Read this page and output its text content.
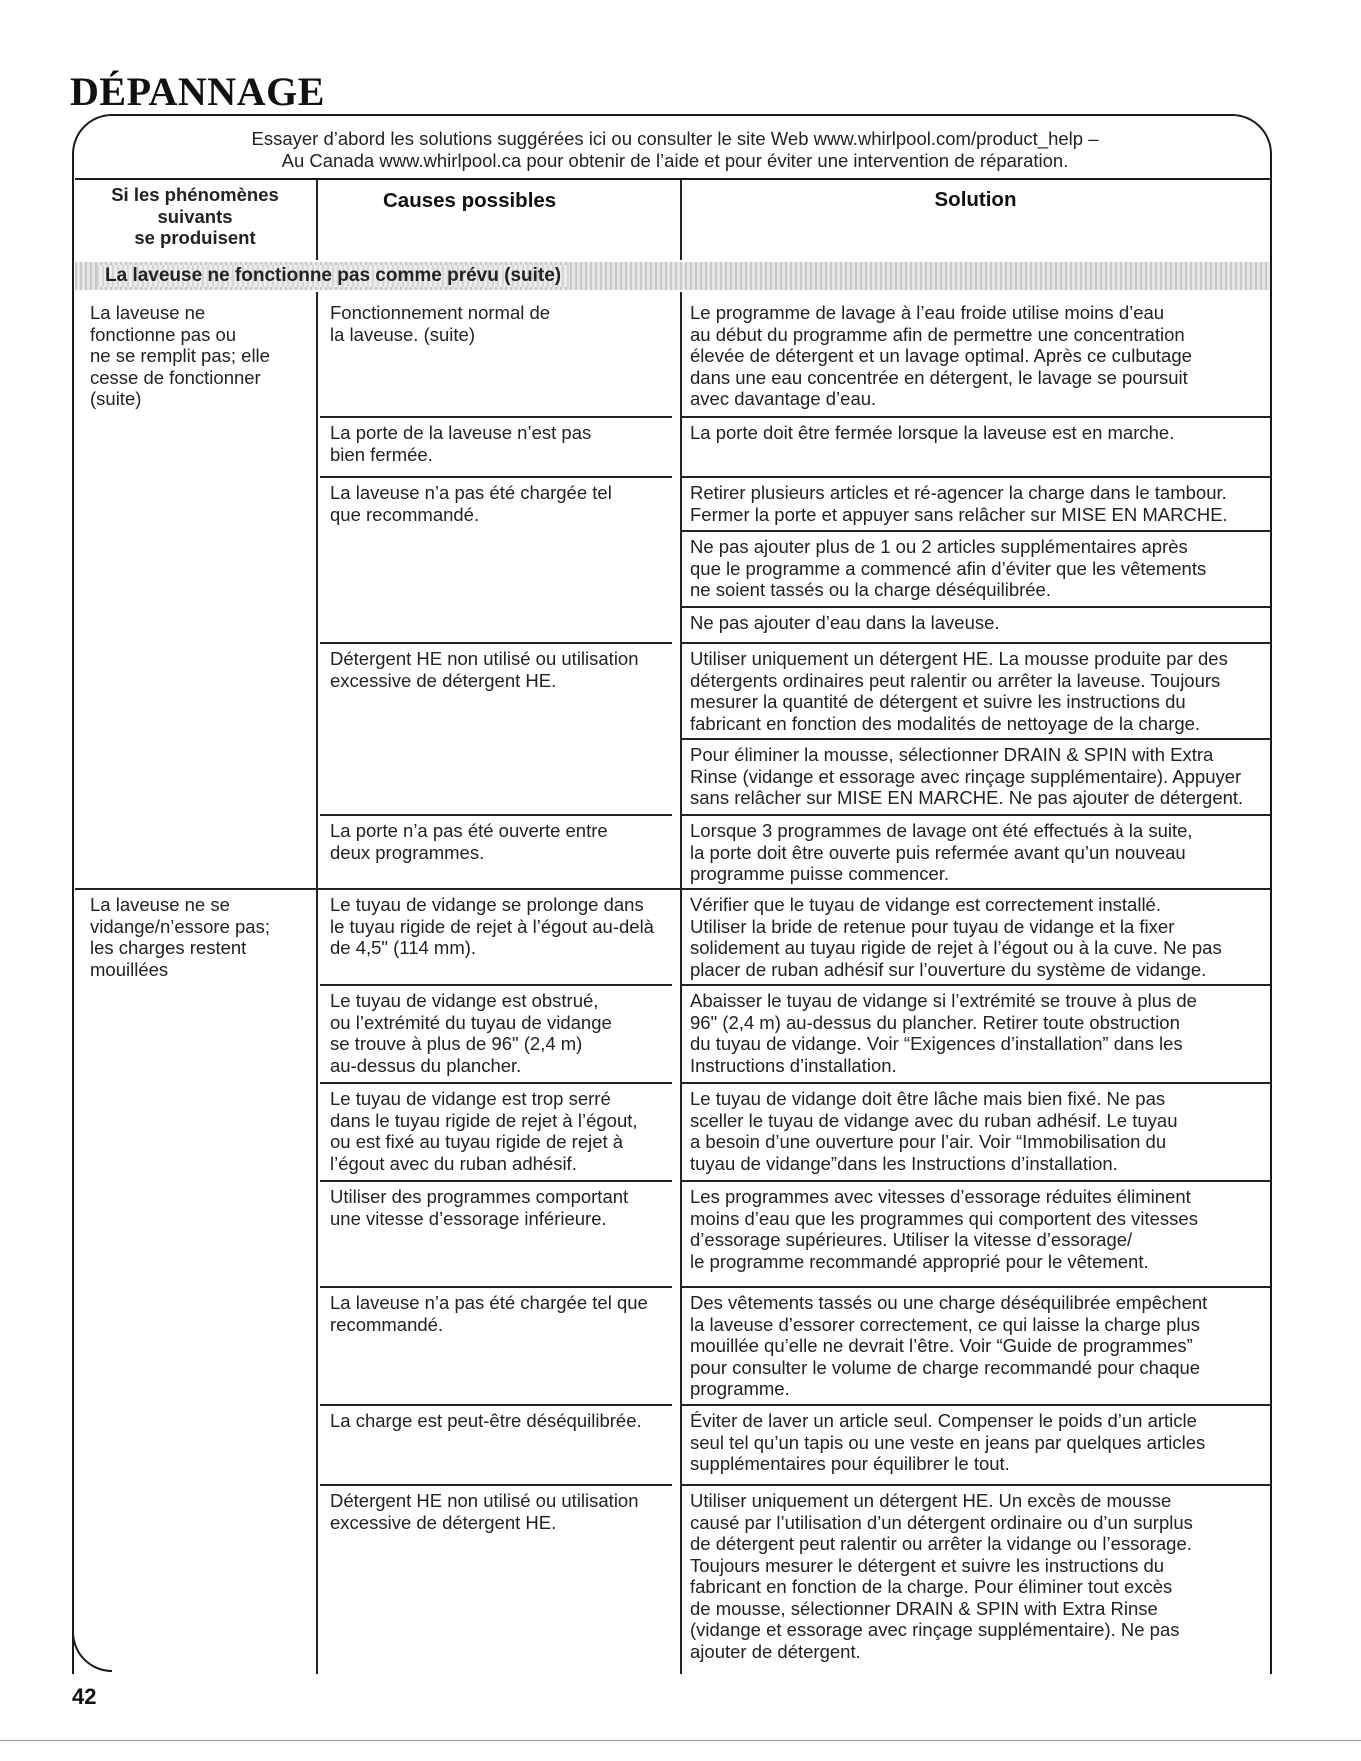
DÉPANNAGE
Essayer d’abord les solutions suggérées ici ou consulter le site Web www.whirlpool.com/product_help –
Au Canada www.whirlpool.ca pour obtenir de l’aide et pour éviter une intervention de réparation.
Si les phénomènes
suivants
se produisent
Causes possibles	Solution
La laveuse ne fonctionne pas comme prévu (suite)
La laveuse ne
fonctionne pas ou
ne se remplit pas; elle
cesse de fonctionner
(suite)
Fonctionnement normal de
la laveuse. (suite)
Le programme de lavage à l’eau froide utilise moins d’eau
au début du programme afin de permettre une concentration
élevée de détergent et un lavage optimal. Après ce culbutage
dans une eau concentrée en détergent, le lavage se poursuit
avec davantage d’eau.
La porte de la laveuse n’est pas
bien fermée.
La porte doit être fermée lorsque la laveuse est en marche.
La laveuse n’a pas été chargée tel
que recommandé.
Retirer plusieurs articles et ré-agencer la charge dans le tambour.
Fermer la porte et appuyer sans relâcher sur MISE EN MARCHE.
Ne pas ajouter plus de 1 ou 2 articles supplémentaires après
que le programme a commencé afin d’éviter que les vêtements
ne soient tassés ou la charge déséquilibrée.
Ne pas ajouter d’eau dans la laveuse.
Détergent HE non utilisé ou utilisation
excessive de détergent HE.
Utiliser uniquement un détergent HE. La mousse produite par des
détergents ordinaires peut ralentir ou arrêter la laveuse. Toujours
mesurer la quantité de détergent et suivre les instructions du
fabricant en fonction des modalités de nettoyage de la charge.
Pour éliminer la mousse, sélectionner DRAIN & SPIN with Extra
Rinse (vidange et essorage avec rinçage supplémentaire). Appuyer
sans relâcher sur MISE EN MARCHE. Ne pas ajouter de détergent.
La porte n’a pas été ouverte entre
deux programmes.
Lorsque 3 programmes de lavage ont été effectués à la suite,
la porte doit être ouverte puis refermée avant qu’un nouveau
programme puisse commencer.
La laveuse ne se
vidange/n’essore pas;
les charges restent
mouillées
Le tuyau de vidange se prolonge dans
le tuyau rigide de rejet à l’égout au-delà
de 4,5" (114 mm).
Vérifier que le tuyau de vidange est correctement installé.
Utiliser la bride de retenue pour tuyau de vidange et la fixer
solidement au tuyau rigide de rejet à l’égout ou à la cuve. Ne pas
placer de ruban adhésif sur l’ouverture du système de vidange.
Le tuyau de vidange est obstrué,
ou l’extrémité du tuyau de vidange
se trouve à plus de 96" (2,4 m)
au-dessus du plancher.
Abaisser le tuyau de vidange si l’extrémité se trouve à plus de
96" (2,4 m) au-dessus du plancher. Retirer toute obstruction
du tuyau de vidange. Voir “Exigences d’installation” dans les
Instructions d’installation.
Le tuyau de vidange est trop serré
dans le tuyau rigide de rejet à l’égout,
ou est fixé au tuyau rigide de rejet à
l’égout avec du ruban adhésif.
Le tuyau de vidange doit être lâche mais bien fixé. Ne pas
sceller le tuyau de vidange avec du ruban adhésif. Le tuyau
a besoin d’une ouverture pour l’air. Voir “Immobilisation du
tuyau de vidange”dans les Instructions d’installation.
Utiliser des programmes comportant
une vitesse d’essorage inférieure.
Les programmes avec vitesses d’essorage réduites éliminent
moins d’eau que les programmes qui comportent des vitesses
d’essorage supérieures. Utiliser la vitesse d’essorage/
le programme recommandé approprié pour le vêtement.
La laveuse n’a pas été chargée tel que
recommandé.
Des vêtements tassés ou une charge déséquilibrée empêchent
la laveuse d’essorer correctement, ce qui laisse la charge plus
mouillée qu’elle ne devrait l’être. Voir “Guide de programmes”
pour consulter le volume de charge recommandé pour chaque
programme.
La charge est peut-être déséquilibrée.	Éviter de laver un article seul. Compenser le poids d’un article
seul tel qu’un tapis ou une veste en jeans par quelques articles
supplémentaires pour équilibrer le tout.
Détergent HE non utilisé ou utilisation
excessive de détergent HE.
Utiliser uniquement un détergent HE. Un excès de mousse
causé par l’utilisation d’un détergent ordinaire ou d’un surplus
de détergent peut ralentir ou arrêter la vidange ou l’essorage.
Toujours mesurer le détergent et suivre les instructions du
fabricant en fonction de la charge. Pour éliminer tout excès
de mousse, sélectionner DRAIN & SPIN with Extra Rinse
(vidange et essorage avec rinçage supplémentaire). Ne pas
ajouter de détergent.
42
